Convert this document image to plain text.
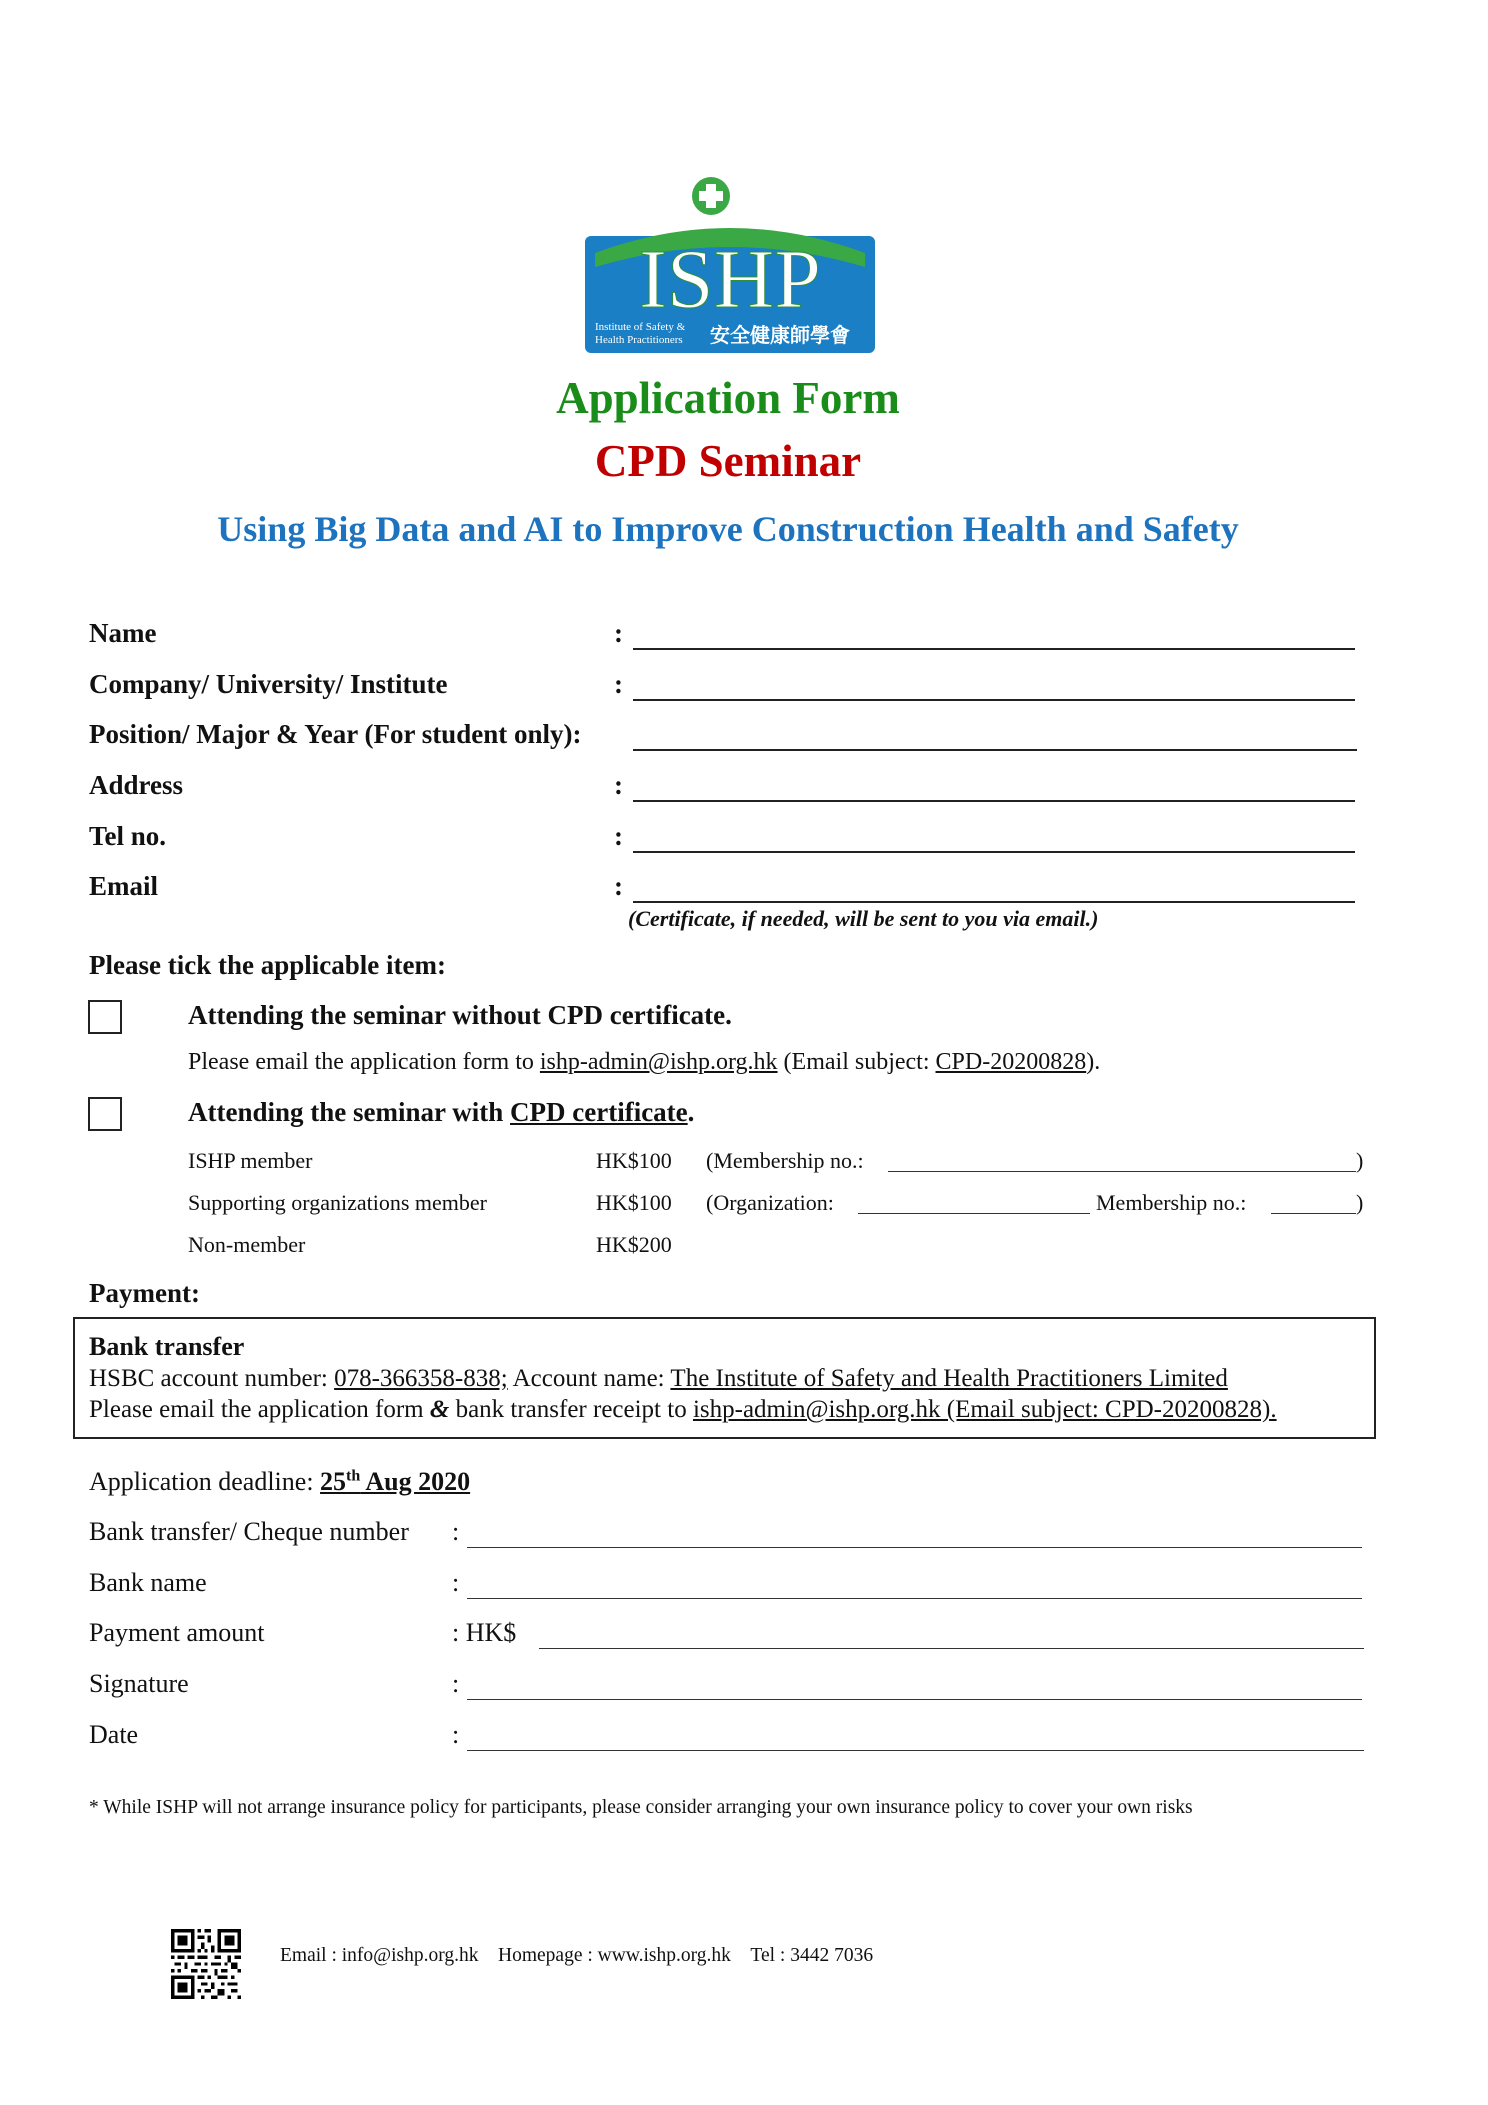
ISHP
Institute of Safety &
Health Practitioners 安全健康師學會
Application Form
CPD Seminar
Using Big Data and AI to Improve Construction Health and Safety
Name	:
Company/ University/ Institute	:
Position/ Major & Year (For student only):
Address	:
Tel no.	:
Email	:
(Certificate, if needed, will be sent to you via email.)
Please tick the applicable item:
Attending the seminar without CPD certificate.
Please email the application form to ishp-admin@ishp.org.hk (Email subject: CPD-20200828).
Attending the seminar with CPD certificate.
ISHP member	HK$100 (Membership no.:	)
Supporting organizations member	HK$100 (Organization:	Membership no.:	)
Non-member	HK$200
Payment:
Bank transfer
HSBC account number: 078-366358-838; Account name: The Institute of Safety and Health Practitioners Limited
Please email the application form & bank transfer receipt to ishp-admin@ishp.org.hk (Email subject: CPD-20200828).
Application deadline: 25th Aug 2020
Bank transfer/ Cheque number :
Bank name	:
Payment amount	: HK$
Signature	:
Date	:
* While ISHP will not arrange insurance policy for participants, please consider arranging your own insurance policy to cover your own risks
Email : info@ishp.org.hk Homepage : www.ishp.org.hk Tel : 3442 7036
